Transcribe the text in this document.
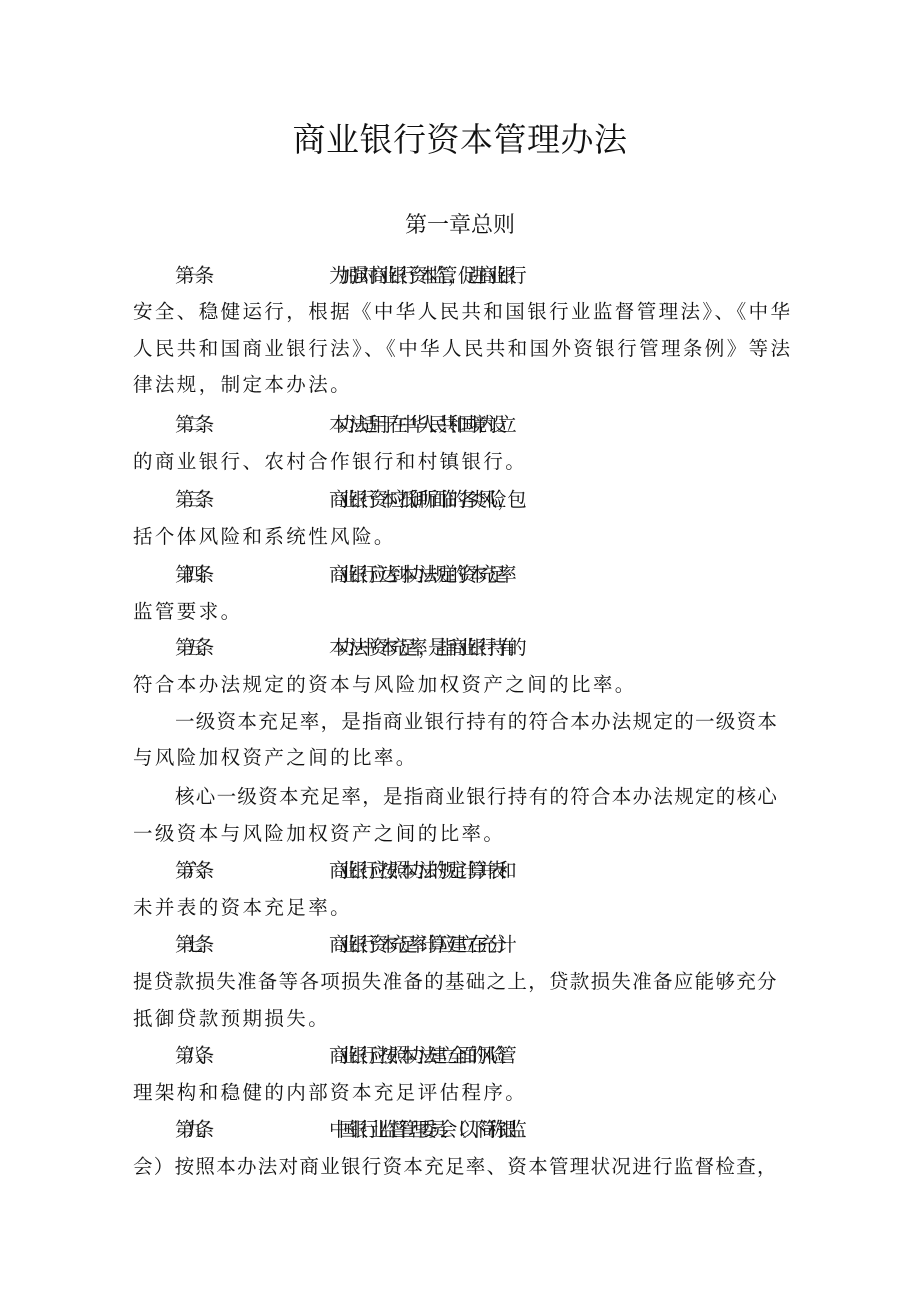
商业银行资本管理办法
第一章总则
第一条	为加强对商业银行资本监管，促进商业银行
安全、稳健运行，根据《中华人民共和国银行业监督管理法》、《中华
人民共和国商业银行法》、《中华人民共和国外资银行管理条例》等法
律法规，制定本办法。
第二条	本办法适用于在中华人民共和国境内设立
的商业银行、农村合作银行和村镇银行。
第三条	商业银行资本应抵御所面临的各类风险，包
括个体风险和系统性风险。
第四条	商业银行应达到本办法规定的资本充足率
监管要求。
第五条	本办法中资本充足率，是指商业银行持有的
符合本办法规定的资本与风险加权资产之间的比率。
一级资本充足率，是指商业银行持有的符合本办法规定的一级资本
与风险加权资产之间的比率。
核心一级资本充足率，是指商业银行持有的符合本办法规定的核心
一级资本与风险加权资产之间的比率。
第六条	商业银行应按照本办法的规定计算并表和
未并表的资本充足率。
第七条	商业银行资本充足率计算应建立在充分计
提贷款损失准备等各项损失准备的基础之上，贷款损失准备应能够充分
抵御贷款预期损失。
第八条	商业银行应按照本办法建立全面的风险管
理架构和稳健的内部资本充足评估程序。
第九条	中国银行业监督管理委员会（以下简称银监
会）按照本办法对商业银行资本充足率、资本管理状况进行监督检查，
